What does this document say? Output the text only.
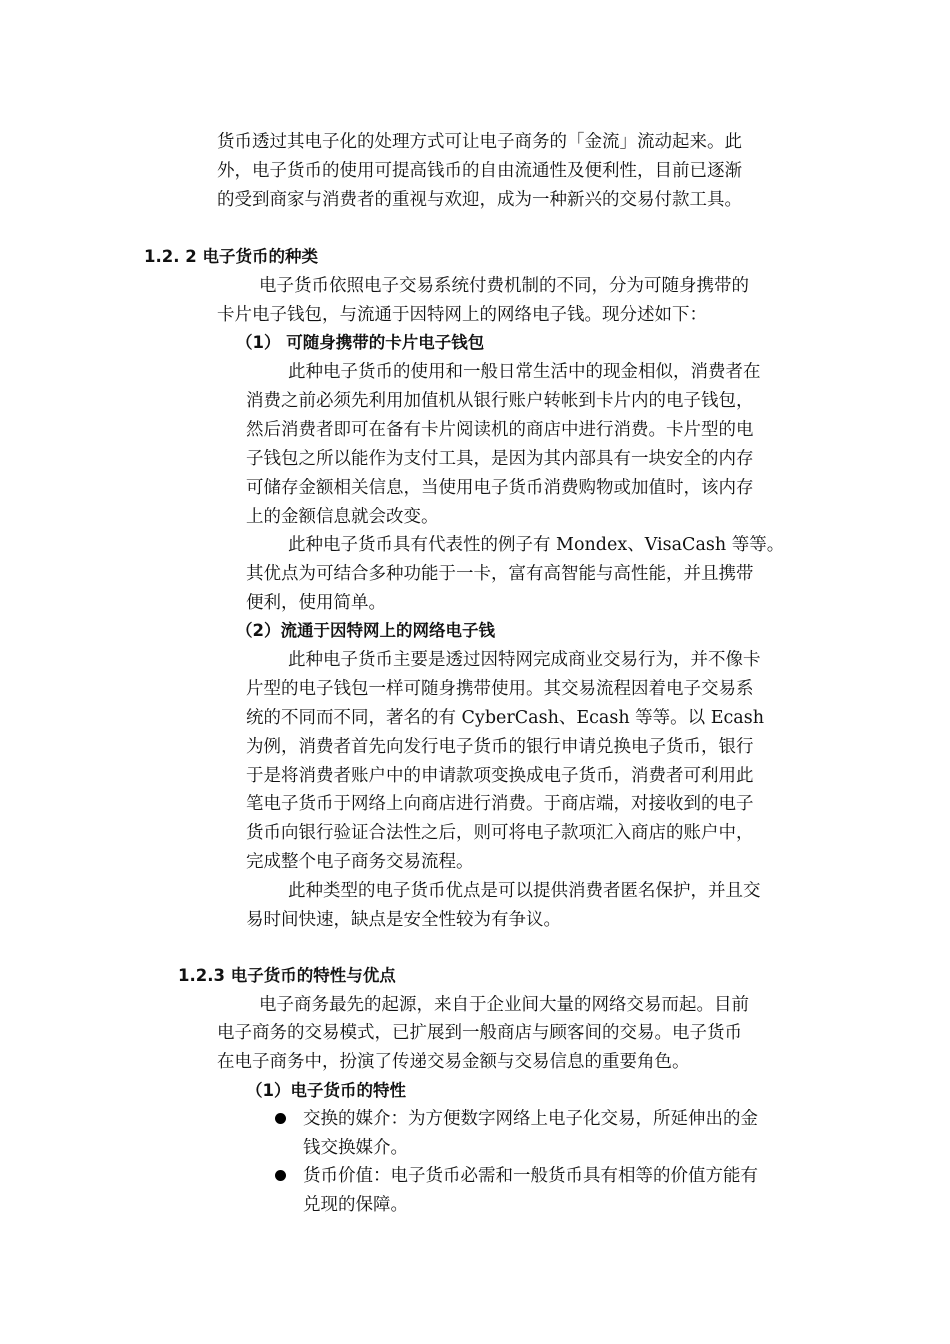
货币透过其电子化的处理方式可让电子商务的「金流」流动起来。此
外，电子货币的使用可提高钱币的自由流通性及便利性，目前已逐渐
的受到商家与消费者的重视与欢迎，成为一种新兴的交易付款工具。
1.2. 2 电子货币的种类
电子货币依照电子交易系统付费机制的不同，分为可随身携带的
卡片电子钱包，与流通于因特网上的网络电子钱。现分述如下：
（1） 可随身携带的卡片电子钱包
此种电子货币的使用和一般日常生活中的现金相似，消费者在
消费之前必须先利用加值机从银行账户转帐到卡片内的电子钱包，
然后消费者即可在备有卡片阅读机的商店中进行消费。卡片型的电
子钱包之所以能作为支付工具，是因为其内部具有一块安全的内存
可储存金额相关信息，当使用电子货币消费购物或加值时，该内存
上的金额信息就会改变。
此种电子货币具有代表性的例子有 Mondex、VisaCash 等等。
其优点为可结合多种功能于一卡，富有高智能与高性能，并且携带
便利，使用简单。
（2）流通于因特网上的网络电子钱
此种电子货币主要是透过因特网完成商业交易行为，并不像卡
片型的电子钱包一样可随身携带使用。其交易流程因着电子交易系
统的不同而不同，著名的有 CyberCash、Ecash 等等。以 Ecash
为例，消费者首先向发行电子货币的银行申请兑换电子货币，银行
于是将消费者账户中的申请款项变换成电子货币，消费者可利用此
笔电子货币于网络上向商店进行消费。于商店端，对接收到的电子
货币向银行验证合法性之后，则可将电子款项汇入商店的账户中，
完成整个电子商务交易流程。
此种类型的电子货币优点是可以提供消费者匿名保护，并且交
易时间快速，缺点是安全性较为有争议。
1.2.3 电子货币的特性与优点
电子商务最先的起源，来自于企业间大量的网络交易而起。目前
电子商务的交易模式，已扩展到一般商店与顾客间的交易。电子货币
在电子商务中，扮演了传递交易金额与交易信息的重要角色。
（1）电子货币的特性
交换的媒介：为方便数字网络上电子化交易，所延伸出的金
钱交换媒介。
货币价值：电子货币必需和一般货币具有相等的价值方能有
兑现的保障。
